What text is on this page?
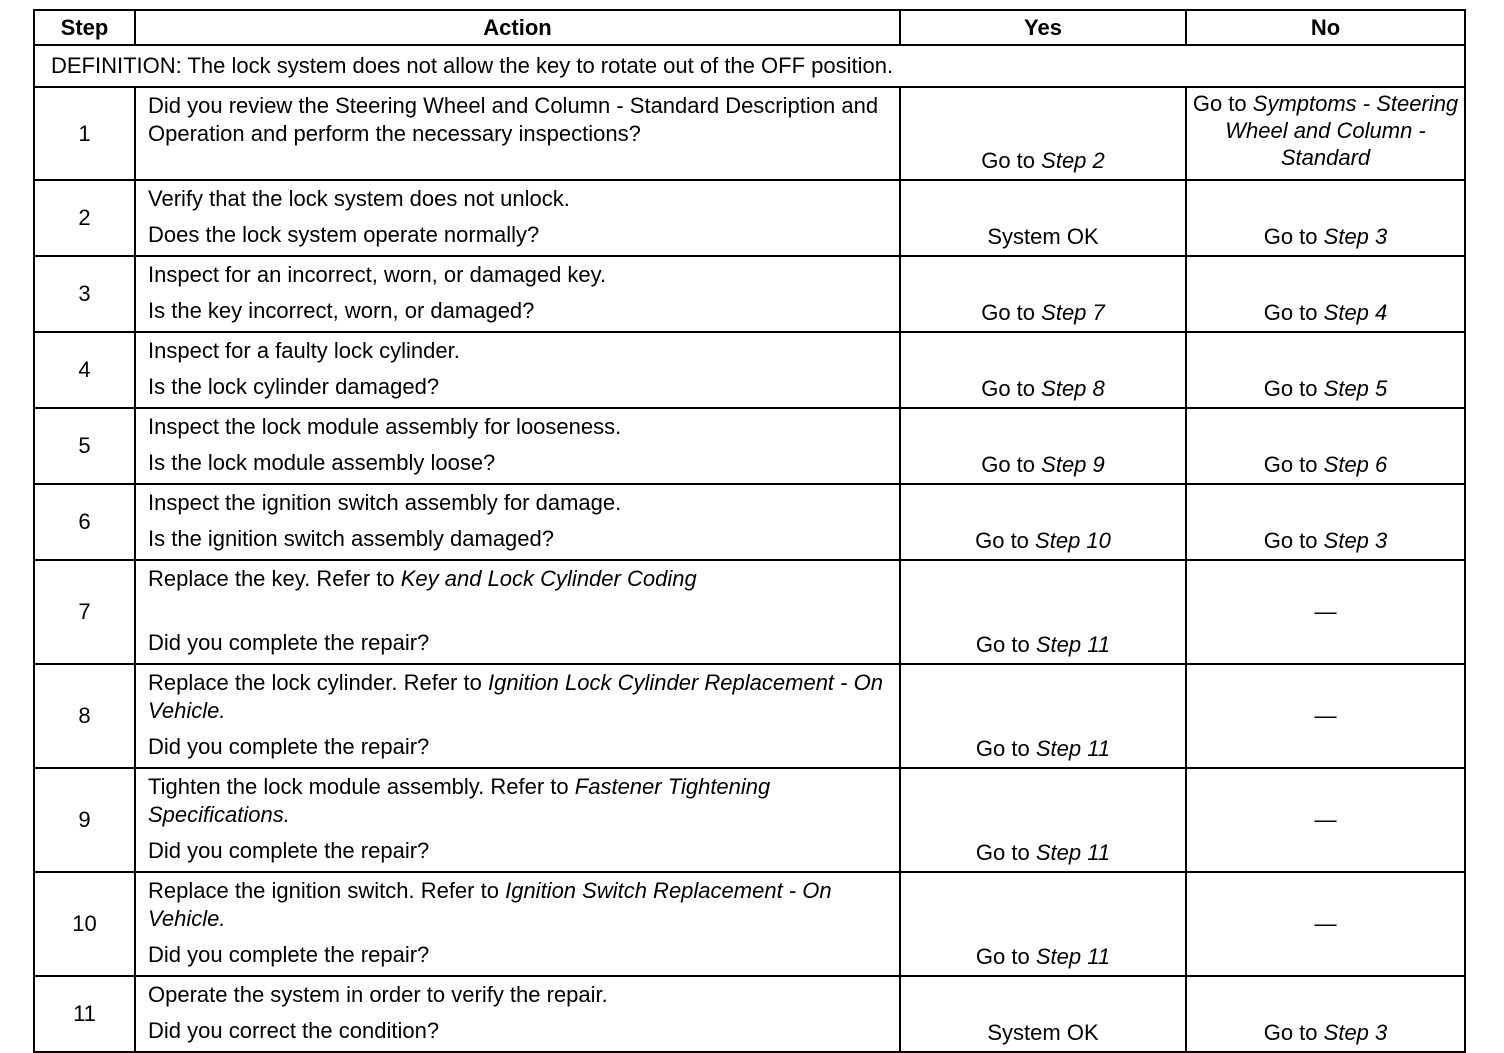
Step	Action	Yes	No
DEFINITION: The lock system does not allow the key to rotate out of the OFF position.			
1	Did you review the Steering Wheel and Column - Standard Description and Operation and perform the necessary inspections?	Go to Step 2	Go to Symptoms - Steering Wheel and Column - Standard
2	Verify that the lock system does not unlock.
Does the lock system operate normally?	System OK	Go to Step 3
3	Inspect for an incorrect, worn, or damaged key.
Is the key incorrect, worn, or damaged?	Go to Step 7	Go to Step 4
4	Inspect for a faulty lock cylinder.
Is the lock cylinder damaged?	Go to Step 8	Go to Step 5
5	Inspect the lock module assembly for looseness.
Is the lock module assembly loose?	Go to Step 9	Go to Step 6
6	Inspect the ignition switch assembly for damage.
Is the ignition switch assembly damaged?	Go to Step 10	Go to Step 3
7	Replace the key. Refer to Key and Lock Cylinder Coding
Did you complete the repair?	Go to Step 11	—
8	Replace the lock cylinder. Refer to Ignition Lock Cylinder Replacement - On Vehicle.
Did you complete the repair?	Go to Step 11	—
9	Tighten the lock module assembly. Refer to Fastener Tightening Specifications.
Did you complete the repair?	Go to Step 11	—
10	Replace the ignition switch. Refer to Ignition Switch Replacement - On Vehicle.
Did you complete the repair?	Go to Step 11	—
11	Operate the system in order to verify the repair.
Did you correct the condition?	System OK	Go to Step 3
